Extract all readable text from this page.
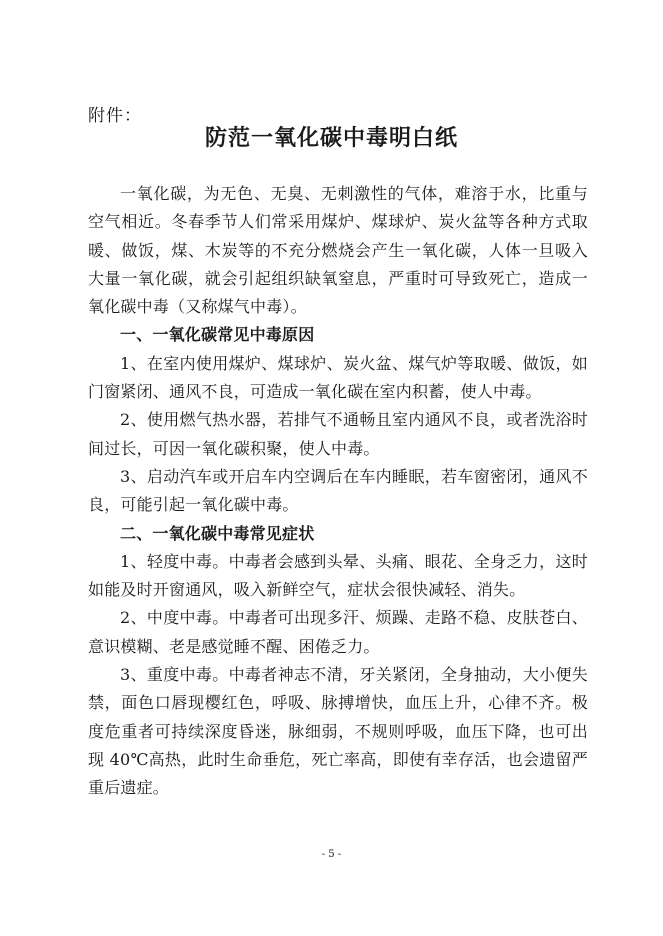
附件：
防范一氧化碳中毒明白纸

一氧化碳，为无色、无臭、无刺激性的气体，难溶于水，比重与空气相近。冬春季节人们常采用煤炉、煤球炉、炭火盆等各种方式取暖、做饭，煤、木炭等的不充分燃烧会产生一氧化碳，人体一旦吸入大量一氧化碳，就会引起组织缺氧窒息，严重时可导致死亡，造成一氧化碳中毒（又称煤气中毒）。

一、一氧化碳常见中毒原因

1、在室内使用煤炉、煤球炉、炭火盆、煤气炉等取暖、做饭，如门窗紧闭、通风不良，可造成一氧化碳在室内积蓄，使人中毒。

2、使用燃气热水器，若排气不通畅且室内通风不良，或者洗浴时间过长，可因一氧化碳积聚，使人中毒。

3、启动汽车或开启车内空调后在车内睡眠，若车窗密闭，通风不良，可能引起一氧化碳中毒。

二、一氧化碳中毒常见症状

1、轻度中毒。中毒者会感到头晕、头痛、眼花、全身乏力，这时如能及时开窗通风，吸入新鲜空气，症状会很快减轻、消失。

2、中度中毒。中毒者可出现多汗、烦躁、走路不稳、皮肤苍白、意识模糊、老是感觉睡不醒、困倦乏力。

3、重度中毒。中毒者神志不清，牙关紧闭，全身抽动，大小便失禁，面色口唇现樱红色，呼吸、脉搏增快，血压上升，心律不齐。极度危重者可持续深度昏迷，脉细弱，不规则呼吸，血压下降，也可出现 40℃高热，此时生命垂危，死亡率高，即使有幸存活，也会遗留严重后遗症。

- 5 -
